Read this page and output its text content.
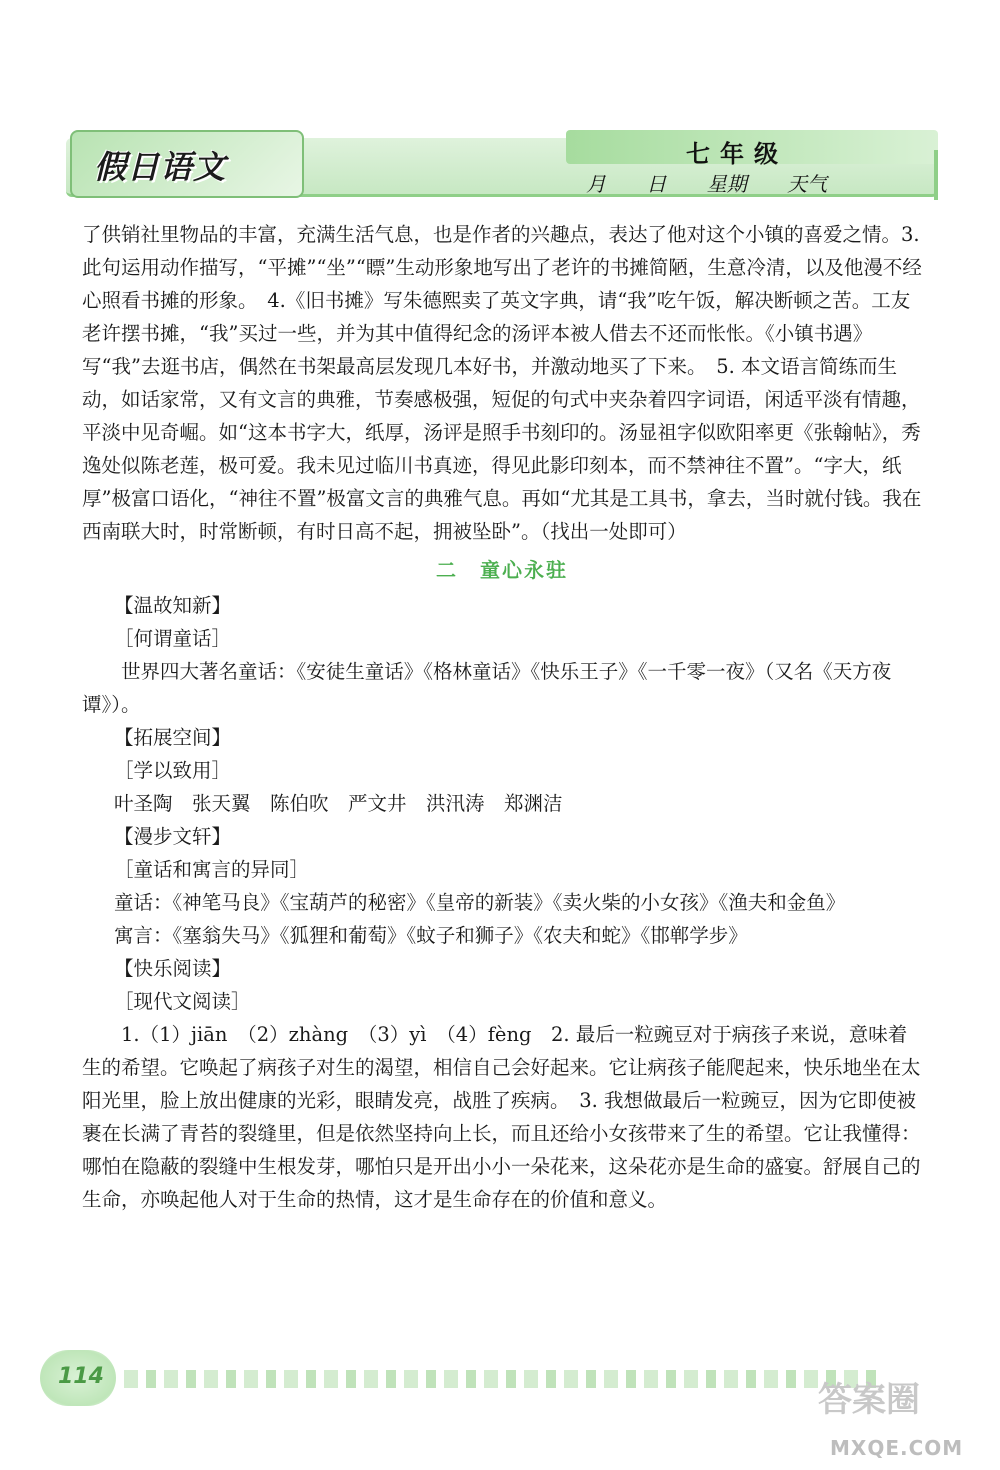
假日语文	七年级
月 日 星期 天气

了供销社里物品的丰富，充满生活气息，也是作者的兴趣点，表达了他对这个小镇的喜爱之情。3. 此句运用动作描写，“平摊”“坐”“瞟”生动形象地写出了老许的书摊简陋，生意冷清，以及他漫不经心照看书摊的形象。　4.《旧书摊》写朱德熙卖了英文字典，请“我”吃午饭，解决断顿之苦。工友老许摆书摊，“我”买过一些，并为其中值得纪念的汤评本被人借去不还而怅怅。《小镇书遇》写“我”去逛书店，偶然在书架最高层发现几本好书，并激动地买了下来。　5. 本文语言简练而生动，如话家常，又有文言的典雅，节奏感极强，短促的句式中夹杂着四字词语，闲适平淡有情趣，平淡中见奇崛。如“这本书字大，纸厚，汤评是照手书刻印的。汤显祖字似欧阳率更《张翰帖》，秀逸处似陈老莲，极可爱。我未见过临川书真迹，得见此影印刻本，而不禁神往不置”。“字大，纸厚”极富口语化，“神往不置”极富文言的典雅气息。再如“尤其是工具书，拿去，当时就付钱。我在西南联大时，时常断顿，有时日高不起，拥被坠卧”。（找出一处即可）

二　童心永驻

【温故知新】

［何谓童话］

世界四大著名童话：《安徒生童话》《格林童话》《快乐王子》《一千零一夜》（又名《天方夜谭》）。

【拓展空间】

［学以致用］

叶圣陶　张天翼　陈伯吹　严文井　洪汛涛　郑渊洁

【漫步文轩】

［童话和寓言的异同］

童话：《神笔马良》《宝葫芦的秘密》《皇帝的新装》《卖火柴的小女孩》《渔夫和金鱼》

寓言：《塞翁失马》《狐狸和葡萄》《蚊子和狮子》《农夫和蛇》《邯郸学步》

【快乐阅读】

［现代文阅读］

1.（1）jiān　（2）zhàng　（3）yì　（4）fèng　2. 最后一粒豌豆对于病孩子来说，意味着生的希望。它唤起了病孩子对生的渴望，相信自己会好起来。它让病孩子能爬起来，快乐地坐在太阳光里，脸上放出健康的光彩，眼睛发亮，战胜了疾病。　3. 我想做最后一粒豌豆，因为它即使被裹在长满了青苔的裂缝里，但是依然坚持向上长，而且还给小女孩带来了生的希望。它让我懂得：哪怕在隐蔽的裂缝中生根发芽，哪怕只是开出小小一朵花来，这朵花亦是生命的盛宴。舒展自己的生命，亦唤起他人对于生命的热情，这才是生命存在的价值和意义。

114
答案圈
MXQE.COM
